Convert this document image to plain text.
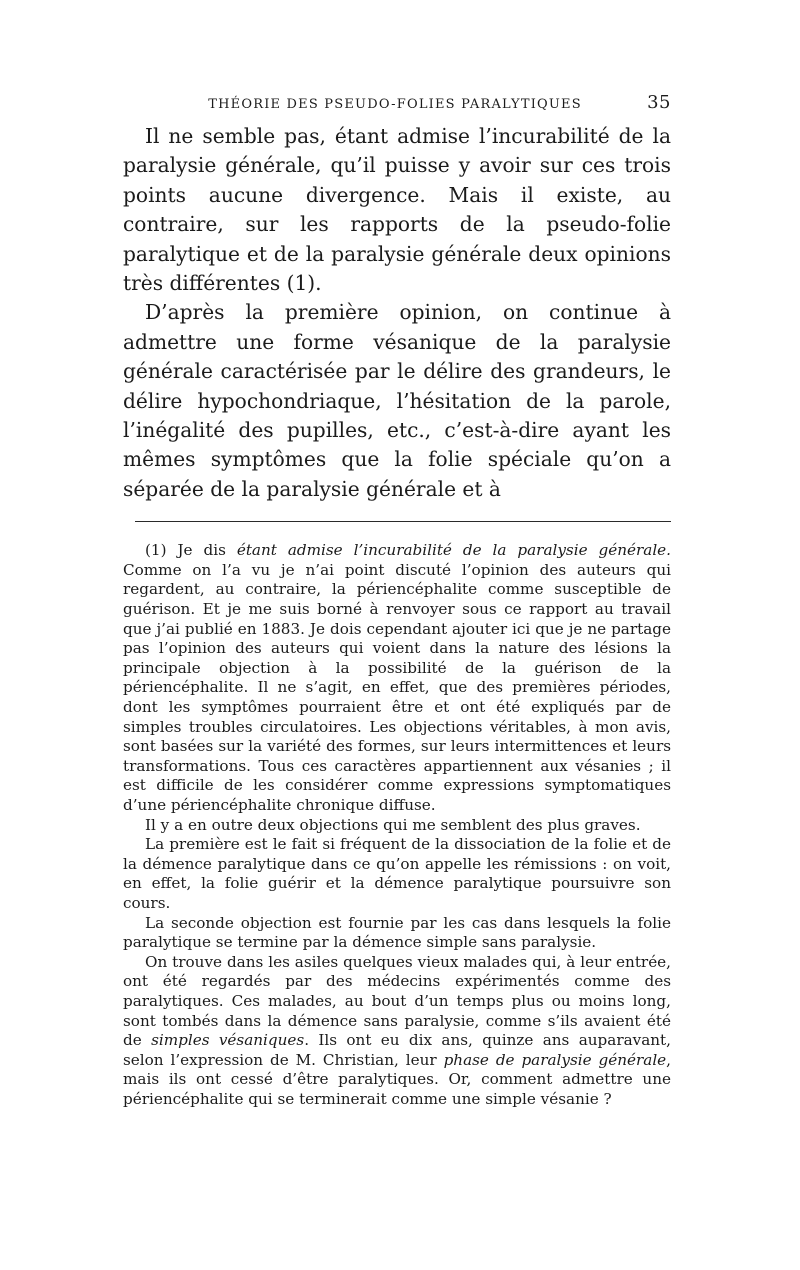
THÉORIE DES PSEUDO-FOLIES PARALYTIQUES	35

Il ne semble pas, étant admise l’incurabilité de la paralysie générale, qu’il puisse y avoir sur ces trois points aucune divergence. Mais il existe, au contraire, sur les rapports de la pseudo-folie paralytique et de la paralysie générale deux opinions très différentes (1).

D’après la première opinion, on continue à admettre une forme vésanique de la paralysie générale caractérisée par le délire des grandeurs, le délire hypochondriaque, l’hésitation de la parole, l’inégalité des pupilles, etc., c’est-à-dire ayant les mêmes symptômes que la folie spéciale qu’on a séparée de la paralysie générale et à

(1) Je dis étant admise l’incurabilité de la paralysie générale. Comme on l’a vu je n’ai point discuté l’opinion des auteurs qui regardent, au contraire, la périencéphalite comme susceptible de guérison. Et je me suis borné à renvoyer sous ce rapport au travail que j’ai publié en 1883. Je dois cependant ajouter ici que je ne partage pas l’opinion des auteurs qui voient dans la nature des lésions la principale objection à la possibilité de la guérison de la périencéphalite. Il ne s’agit, en effet, que des premières périodes, dont les symptômes pourraient être et ont été expliqués par de simples troubles circulatoires. Les objections véritables, à mon avis, sont basées sur la variété des formes, sur leurs intermittences et leurs transformations. Tous ces caractères appartiennent aux vésanies ; il est difficile de les considérer comme expressions symptomatiques d’une périencéphalite chronique diffuse.

Il y a en outre deux objections qui me semblent des plus graves.

La première est le fait si fréquent de la dissociation de la folie et de la démence paralytique dans ce qu’on appelle les rémissions : on voit, en effet, la folie guérir et la démence paralytique poursuivre son cours.

La seconde objection est fournie par les cas dans lesquels la folie paralytique se termine par la démence simple sans paralysie.

On trouve dans les asiles quelques vieux malades qui, à leur entrée, ont été regardés par des médecins expérimentés comme des paralytiques. Ces malades, au bout d’un temps plus ou moins long, sont tombés dans la démence sans paralysie, comme s’ils avaient été de simples vésaniques. Ils ont eu dix ans, quinze ans auparavant, selon l’expression de M. Christian, leur phase de paralysie générale, mais ils ont cessé d’être paralytiques. Or, comment admettre une périencéphalite qui se terminerait comme une simple vésanie ?
